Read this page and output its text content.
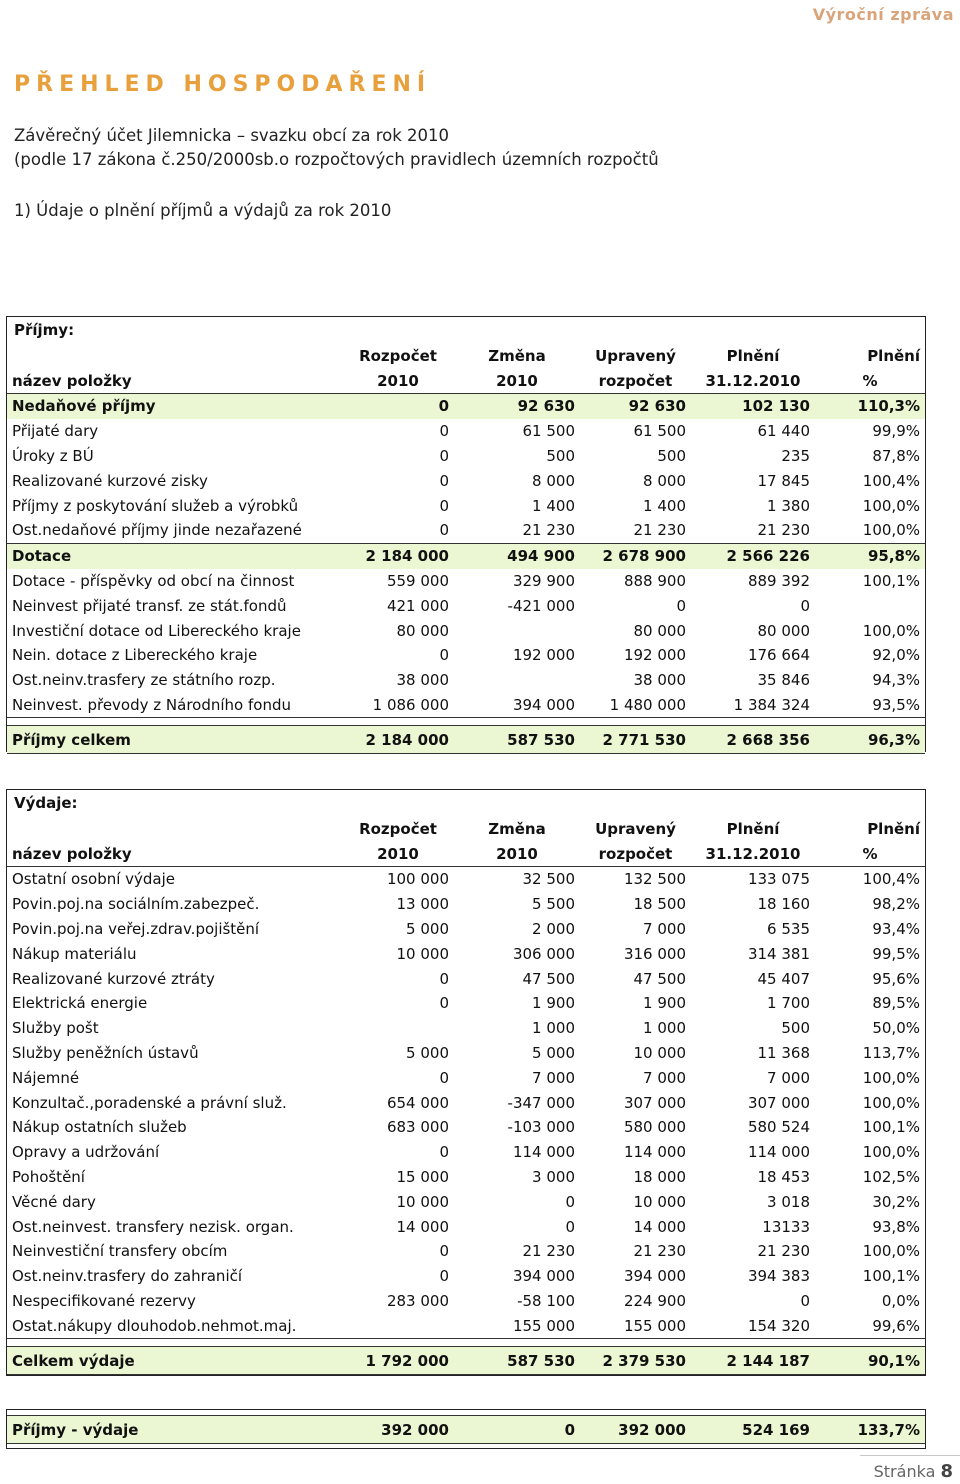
Výroční zpráva
PŘEHLED HOSPODAŘENÍ
Závěrečný účet Jilemnicka – svazku obcí za rok 2010
(podle 17 zákona č.250/2000sb.o rozpočtových pravidlech územních rozpočtů
1) Údaje o plnění příjmů a výdajů za rok 2010
Příjmy:
	Rozpočet	Změna	Upravený	Plnění	Plnění
název položky	2010	2010	rozpočet	31.12.2010	%
Nedaňové příjmy	0	92 630	92 630	102 130	110,3%
Přijaté dary	0	61 500	61 500	61 440	99,9%
Úroky z BÚ	0	500	500	235	87,8%
Realizované kurzové zisky	0	8 000	8 000	17 845	100,4%
Příjmy z poskytování služeb a výrobků	0	1 400	1 400	1 380	100,0%
Ost.nedaňové příjmy jinde nezařazené	0	21 230	21 230	21 230	100,0%
Dotace	2 184 000	494 900	2 678 900	2 566 226	95,8%
Dotace - příspěvky od obcí na činnost	559 000	329 900	888 900	889 392	100,1%
Neinvest přijaté transf. ze stát.fondů	421 000	-421 000	0	0	
Investiční dotace od Libereckého kraje	80 000		80 000	80 000	100,0%
Nein. dotace z Libereckého kraje	0	192 000	192 000	176 664	92,0%
Ost.neinv.trasfery ze státního rozp.	38 000		38 000	35 846	94,3%
Neinvest. převody z Národního fondu	1 086 000	394 000	1 480 000	1 384 324	93,5%

Příjmy celkem	2 184 000	587 530	2 771 530	2 668 356	96,3%
Výdaje:
	Rozpočet	Změna	Upravený	Plnění	Plnění
název položky	2010	2010	rozpočet	31.12.2010	%
Ostatní osobní výdaje	100 000	32 500	132 500	133 075	100,4%
Povin.poj.na sociálním.zabezpeč.	13 000	5 500	18 500	18 160	98,2%
Povin.poj.na veřej.zdrav.pojištění	5 000	2 000	7 000	6 535	93,4%
Nákup materiálu	10 000	306 000	316 000	314 381	99,5%
Realizované kurzové ztráty	0	47 500	47 500	45 407	95,6%
Elektrická energie	0	1 900	1 900	1 700	89,5%
Služby pošt		1 000	1 000	500	50,0%
Služby peněžních ústavů	5 000	5 000	10 000	11 368	113,7%
Nájemné	0	7 000	7 000	7 000	100,0%
Konzultač.,poradenské a právní služ.	654 000	-347 000	307 000	307 000	100,0%
Nákup ostatních služeb	683 000	-103 000	580 000	580 524	100,1%
Opravy a udržování	0	114 000	114 000	114 000	100,0%
Pohoštění	15 000	3 000	18 000	18 453	102,5%
Věcné dary	10 000	0	10 000	3 018	30,2%
Ost.neinvest. transfery nezisk. organ.	14 000	0	14 000	13133	93,8%
Neinvestiční transfery obcím	0	21 230	21 230	21 230	100,0%
Ost.neinv.trasfery do zahraničí	0	394 000	394 000	394 383	100,1%
Nespecifikované rezervy	283 000	-58 100	224 900	0	0,0%
Ostat.nákupy dlouhodob.nehmot.maj.		155 000	155 000	154 320	99,6%

Celkem výdaje	1 792 000	587 530	2 379 530	2 144 187	90,1%
Příjmy - výdaje	392 000	0	392 000	524 169	133,7%
Stránka 8
